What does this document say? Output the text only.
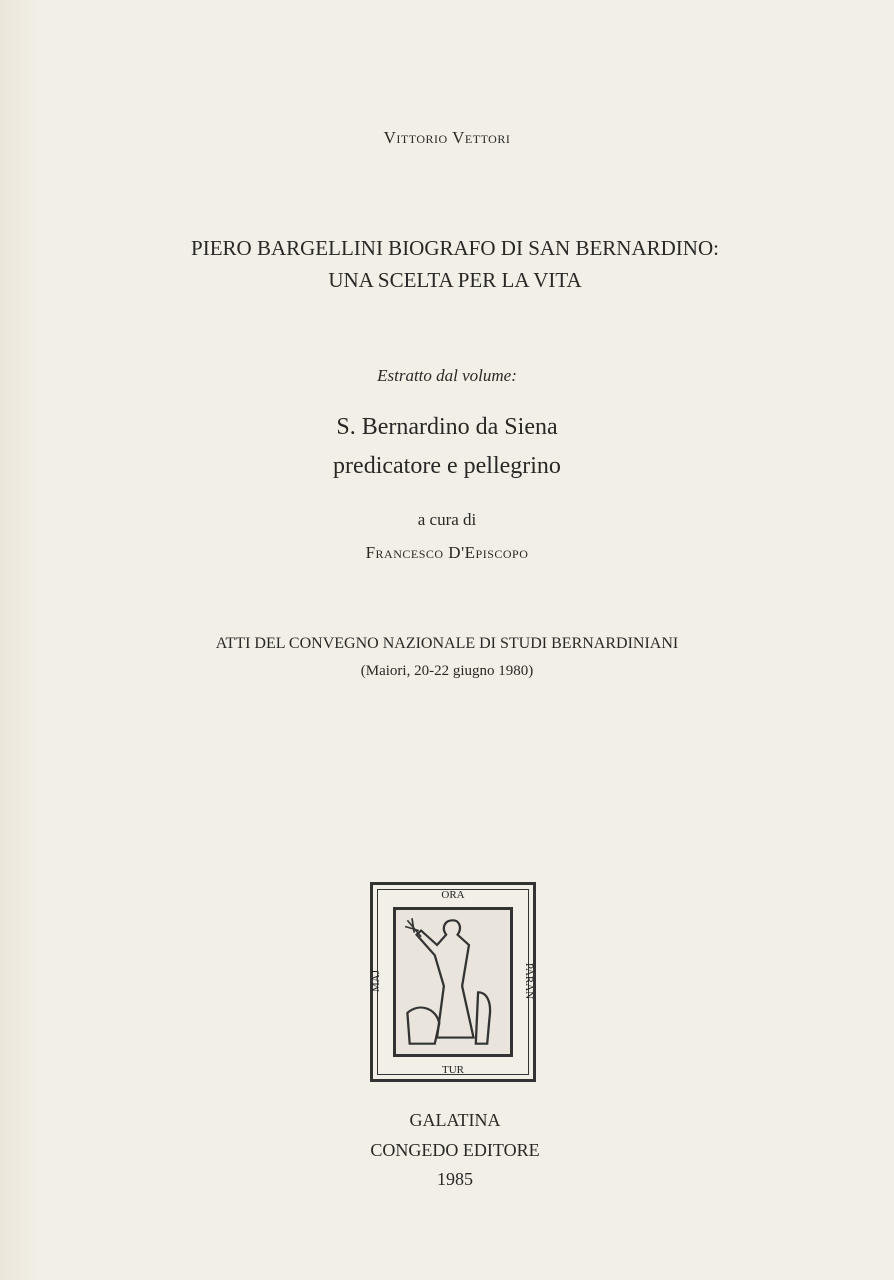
Vittorio Vettori
PIERO BARGELLINI BIOGRAFO DI SAN BERNARDINO:
UNA SCELTA PER LA VITA
Estratto dal volume:
S. Bernardino da Siena
predicatore e pellegrino
a cura di
Francesco D'Episcopo
ATTI DEL CONVEGNO NAZIONALE DI STUDI BERNARDINIANI
(Maiori, 20-22 giugno 1980)
ORA
TUR
MAJ	PARAN
GALATINA
CONGEDO EDITORE
1985
